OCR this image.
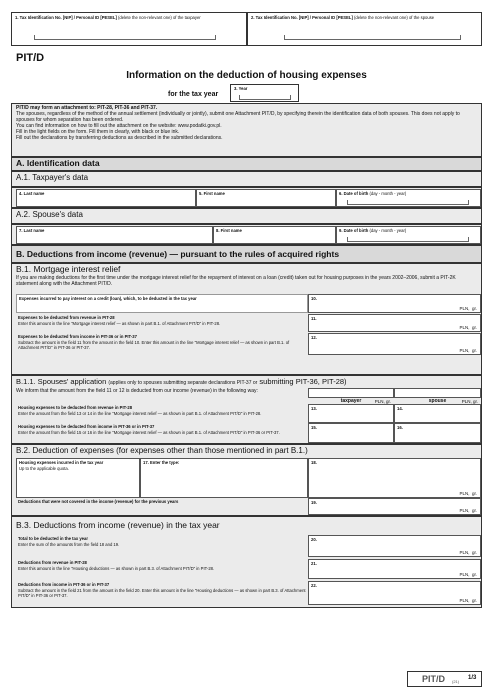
1. Tax Identification No. [NIP] / Personal ID [PESEL] (delete the non-relevant one) of the taxpayer	2. Tax Identification No. [NIP] / Personal ID [PESEL] (delete the non-relevant one) of the spouse
PIT/D
Information on the deduction of housing expenses
for the tax year
3. Year
PIT/D may form an attachment to: PIT-28, PIT-36 and PIT-37.
The spouses, regardless of the method of the annual settlement (individually or jointly), submit one Attachment PIT/D, by specifying therein the identification data of both spouses. This does not apply to spouses for whom separation has been ordered.
You can find information on how to fill out the attachment on the website: www.podatki.gov.pl.
Fill in the light fields on the form. Fill them in clearly, with black or blue ink.
Fill out the declarations by transferring deductions as described in the submitted declarations.
A. Identification data
A.1. Taxpayer's data
4. Last name	5. First name	6. Date of birth (day - month - year)
A.2. Spouse's data
7. Last name	8. First name	9. Date of birth (day - month - year)
B. Deductions from income (revenue) — pursuant to the rules of acquired rights
B.1. Mortgage interest relief
If you are making deductions for the first time under the mortgage interest relief for the repayment of interest on a loan (credit) taken out for housing purposes in the years 2002–2006, submit a PIT-2K statement along with the Attachment PIT/D.
Expenses incurred to pay interest on a credit (loan), which, to be deducted in the tax year	10.
PLN, gr.
Expenses to be deducted from revenue in PIT-28
Enter this amount in the line "Mortgage interest relief — as shown in part B.1. of Attachment PIT/D" in PIT-28.
11.
PLN, gr.
Expenses to be deducted from income in PIT-36 or in PIT-37
Subtract the amount in the field 11 from the amount in the field 10. Enter this amount in the line "Mortgage interest relief — as shown in part B.1. of Attachment PIT/D" in PIT-36 or PIT-37.
12.
PLN, gr.
B.1.1. Spouses' application (applies only to spouses submitting separate declarations PIT-37 or submitting PIT-36, PIT-28)
We inform that the amount from the field 11 or 12 is deducted from our income (revenue) in the following way:
taxpayer	spouse
PLN, gr.	PLN, gr.
Housing expenses to be deducted from revenue in PIT-28
Enter the amount from the field 13 or 14 in the line "Mortgage interest relief — as shown in part B.1. of Attachment PIT/D" in PIT-28.
13.	14.
Housing expenses to be deducted from income in PIT-36 or in PIT-37
Enter the amount from the field 15 or 16 in the line "Mortgage interest relief — as shown in part B.1. of Attachment PIT/D" in PIT-36 or PIT-37.
15.	16.
B.2. Deduction of expenses (for expenses other than those mentioned in part B.1.)
Housing expenses incurred in the tax year
Up to the applicable quota.
17. Enter the type:	18.
PLN, gr.
Deductions that were not covered in the income (revenue) for the previous years	19.
PLN, gr.
B.3. Deductions from income (revenue) in the tax year
Total to be deducted in the tax year
Enter the sum of the amounts from the field 18 and 19.
20.
PLN, gr.
Deductions from revenue in PIT-28
Enter this amount in the line "Housing deductions — as shown in part B.3. of Attachment PIT/D" in PIT-28.
21.
PLN, gr.
Deductions from income in PIT-36 or in PIT-37
Subtract the amount in the field 21 from the amount in the field 20. Enter this amount in the line "Housing deductions — as shown in part B.3. of Attachment PIT/D" in PIT-36 or PIT-37.
22.
PLN, gr.
PIT/D (21)
1/3
